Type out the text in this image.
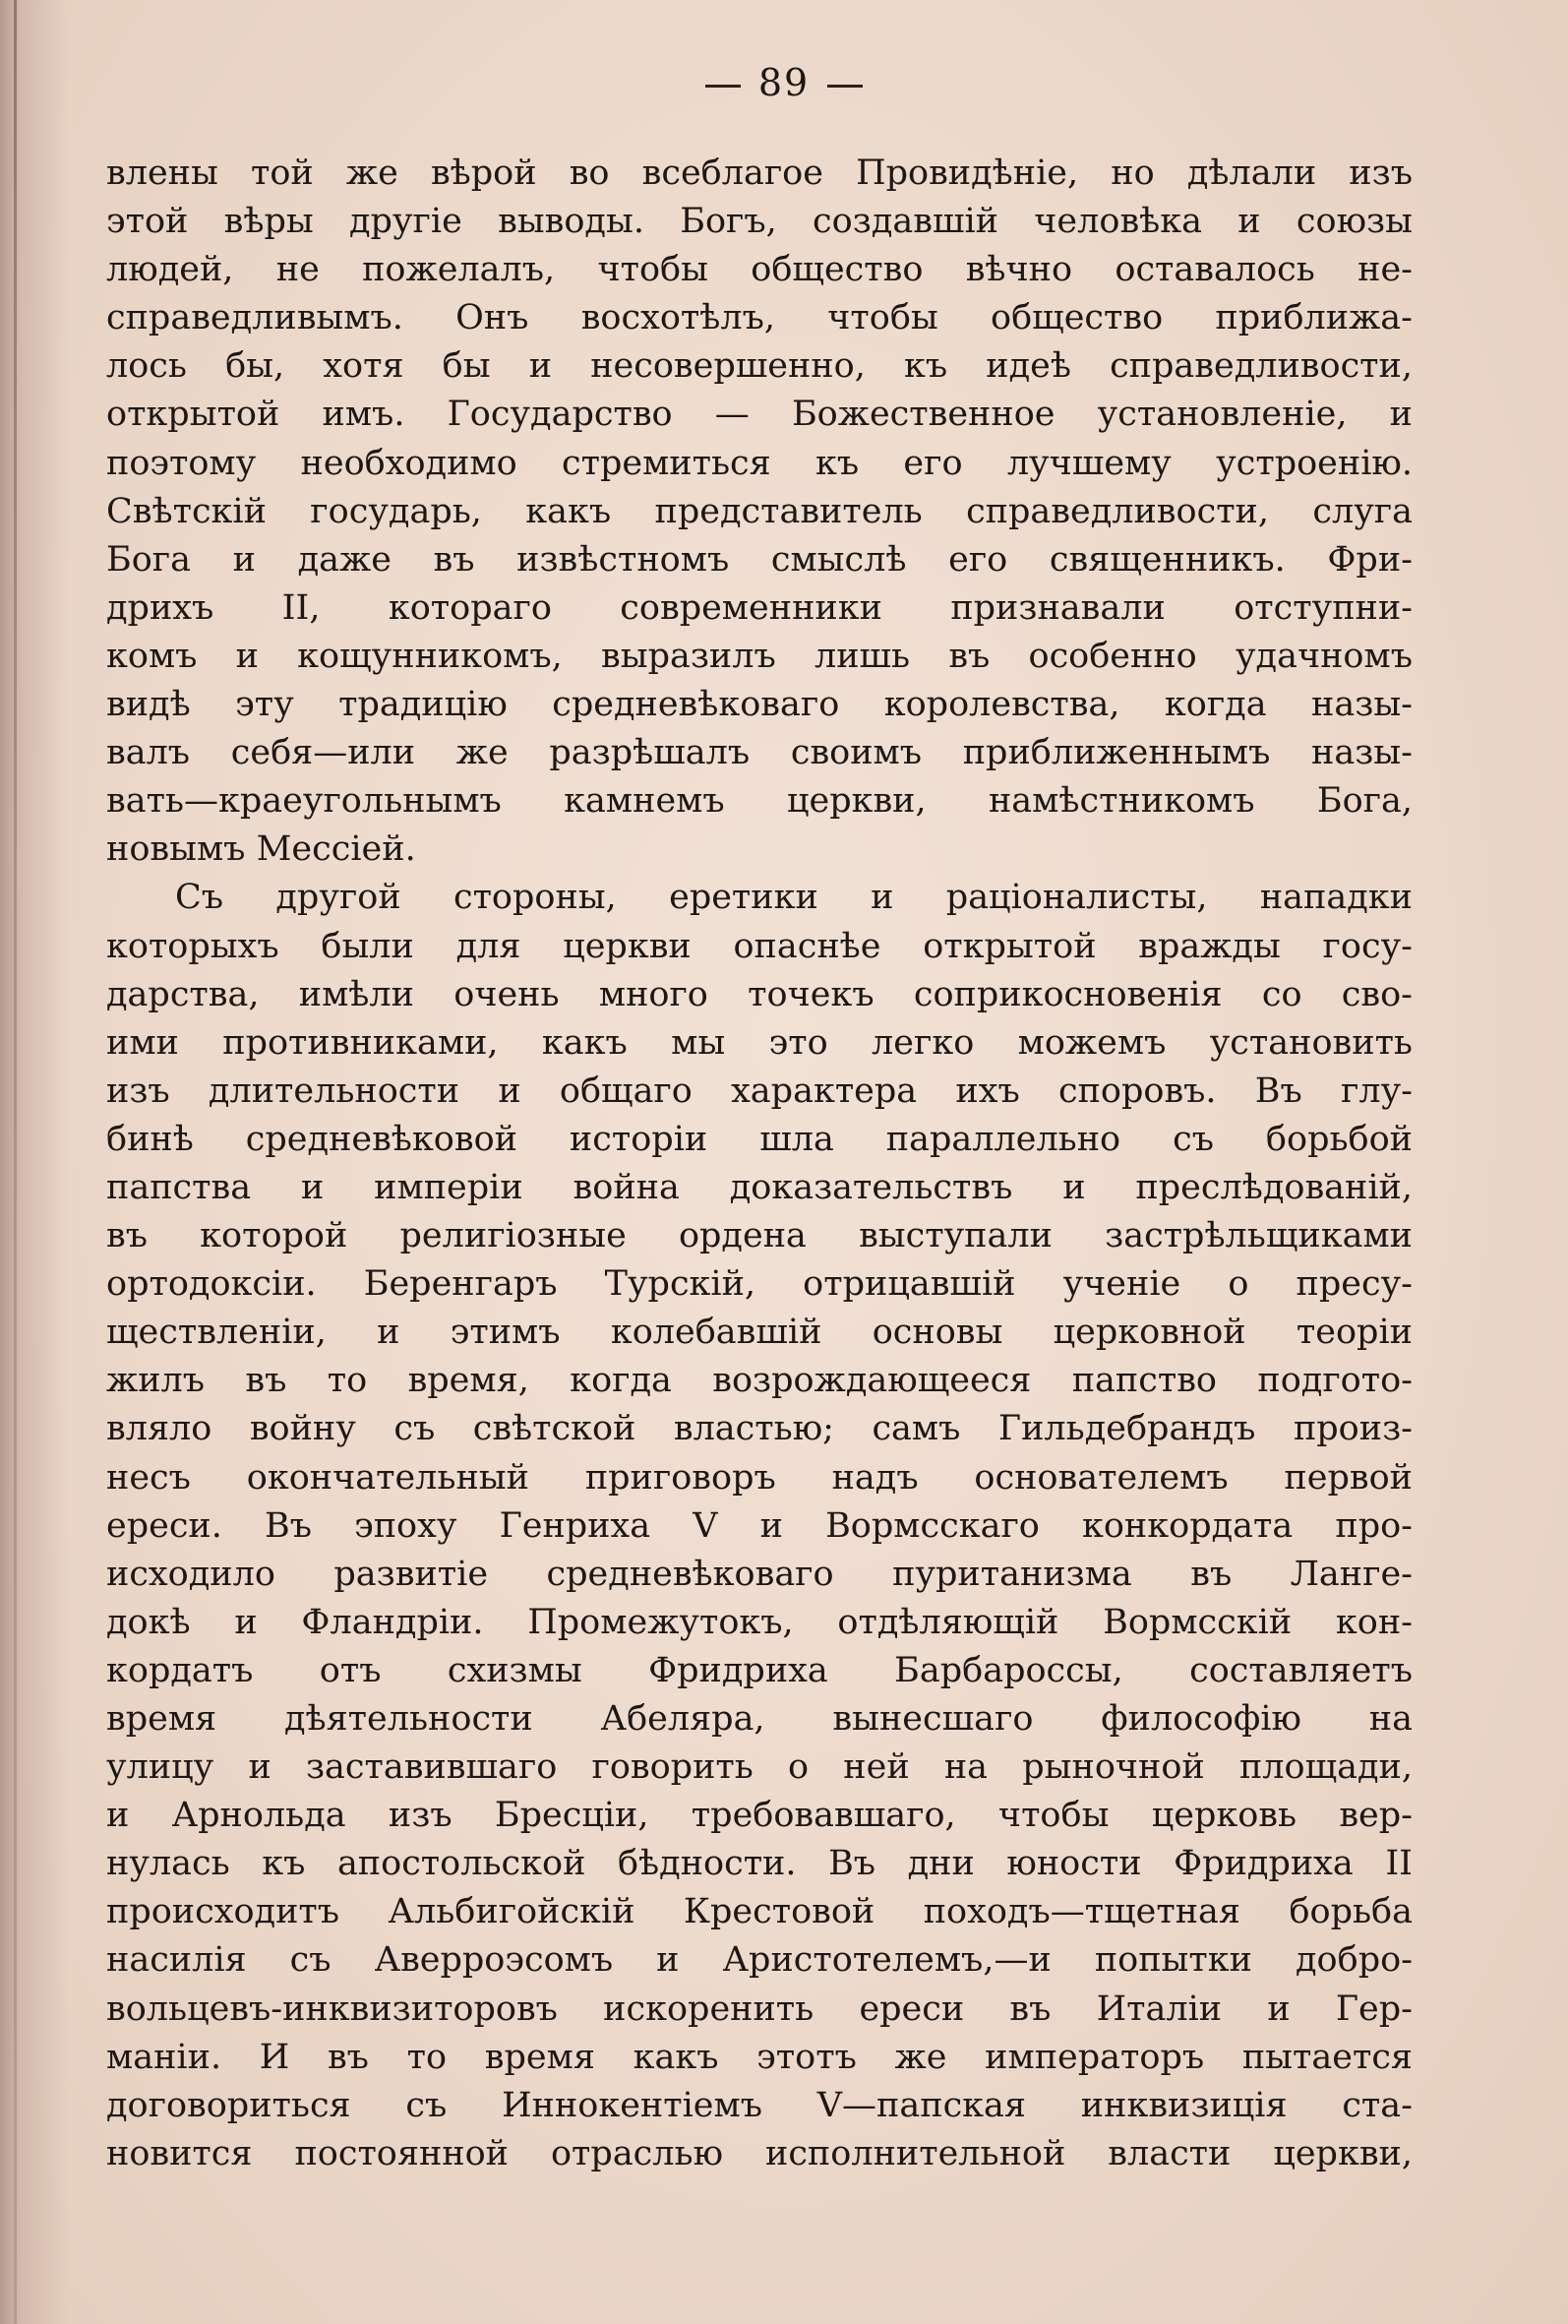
89
влены той же вѣрой во всеблагое Провидѣніе, но дѣлали изъ
этой вѣры другіе выводы. Богъ, создавшій человѣка и союзы
людей, не пожелалъ, чтобы общество вѣчно оставалось не-
справедливымъ. Онъ восхотѣлъ, чтобы общество приближа-
лось бы, хотя бы и несовершенно, къ идеѣ справедливости,
открытой имъ. Государство — Божественное установленіе, и
поэтому необходимо стремиться къ его лучшему устроенію.
Свѣтскій государь, какъ представитель справедливости, слуга
Бога и даже въ извѣстномъ смыслѣ его священникъ. Фри-
дрихъ II, котораго современники признавали отступни-
комъ и кощунникомъ, выразилъ лишь въ особенно удачномъ
видѣ эту традицію средневѣковаго королевства, когда назы-
валъ себя—или же разрѣшалъ своимъ приближеннымъ назы-
вать—краеугольнымъ камнемъ церкви, намѣстникомъ Бога,
новымъ Мессіей.
Съ другой стороны, еретики и раціоналисты, нападки
которыхъ были для церкви опаснѣе открытой вражды госу-
дарства, имѣли очень много точекъ соприкосновенія со сво-
ими противниками, какъ мы это легко можемъ установить
изъ длительности и общаго характера ихъ споровъ. Въ глу-
бинѣ средневѣковой исторіи шла параллельно съ борьбой
папства и имперіи война доказательствъ и преслѣдованій,
въ которой религіозные ордена выступали застрѣльщиками
ортодоксіи. Беренгаръ Турскій, отрицавшій ученіе о пресу-
ществленіи, и этимъ колебавшій основы церковной теоріи
жилъ въ то время, когда возрождающееся папство подгото-
вляло войну съ свѣтской властью; самъ Гильдебрандъ произ-
несъ окончательный приговоръ надъ основателемъ первой
ереси. Въ эпоху Генриха V и Вормсскаго конкордата про-
исходило развитіе средневѣковаго пуританизма въ Ланге-
докѣ и Фландріи. Промежутокъ, отдѣляющій Вормсскій кон-
кордатъ отъ схизмы Фридриха Барбароссы, составляетъ
время дѣятельности Абеляра, вынесшаго философію на
улицу и заставившаго говорить о ней на рыночной площади,
и Арнольда изъ Бресціи, требовавшаго, чтобы церковь вер-
нулась къ апостольской бѣдности. Въ дни юности Фридриха II
происходитъ Альбигойскій Крестовой походъ—тщетная борьба
насилія съ Аверроэсомъ и Аристотелемъ,—и попытки добро-
вольцевъ-инквизиторовъ искоренить ереси въ Италіи и Гер-
маніи. И въ то время какъ этотъ же императоръ пытается
договориться съ Иннокентіемъ V—папская инквизиція ста-
новится постоянной отраслью исполнительной власти церкви,
